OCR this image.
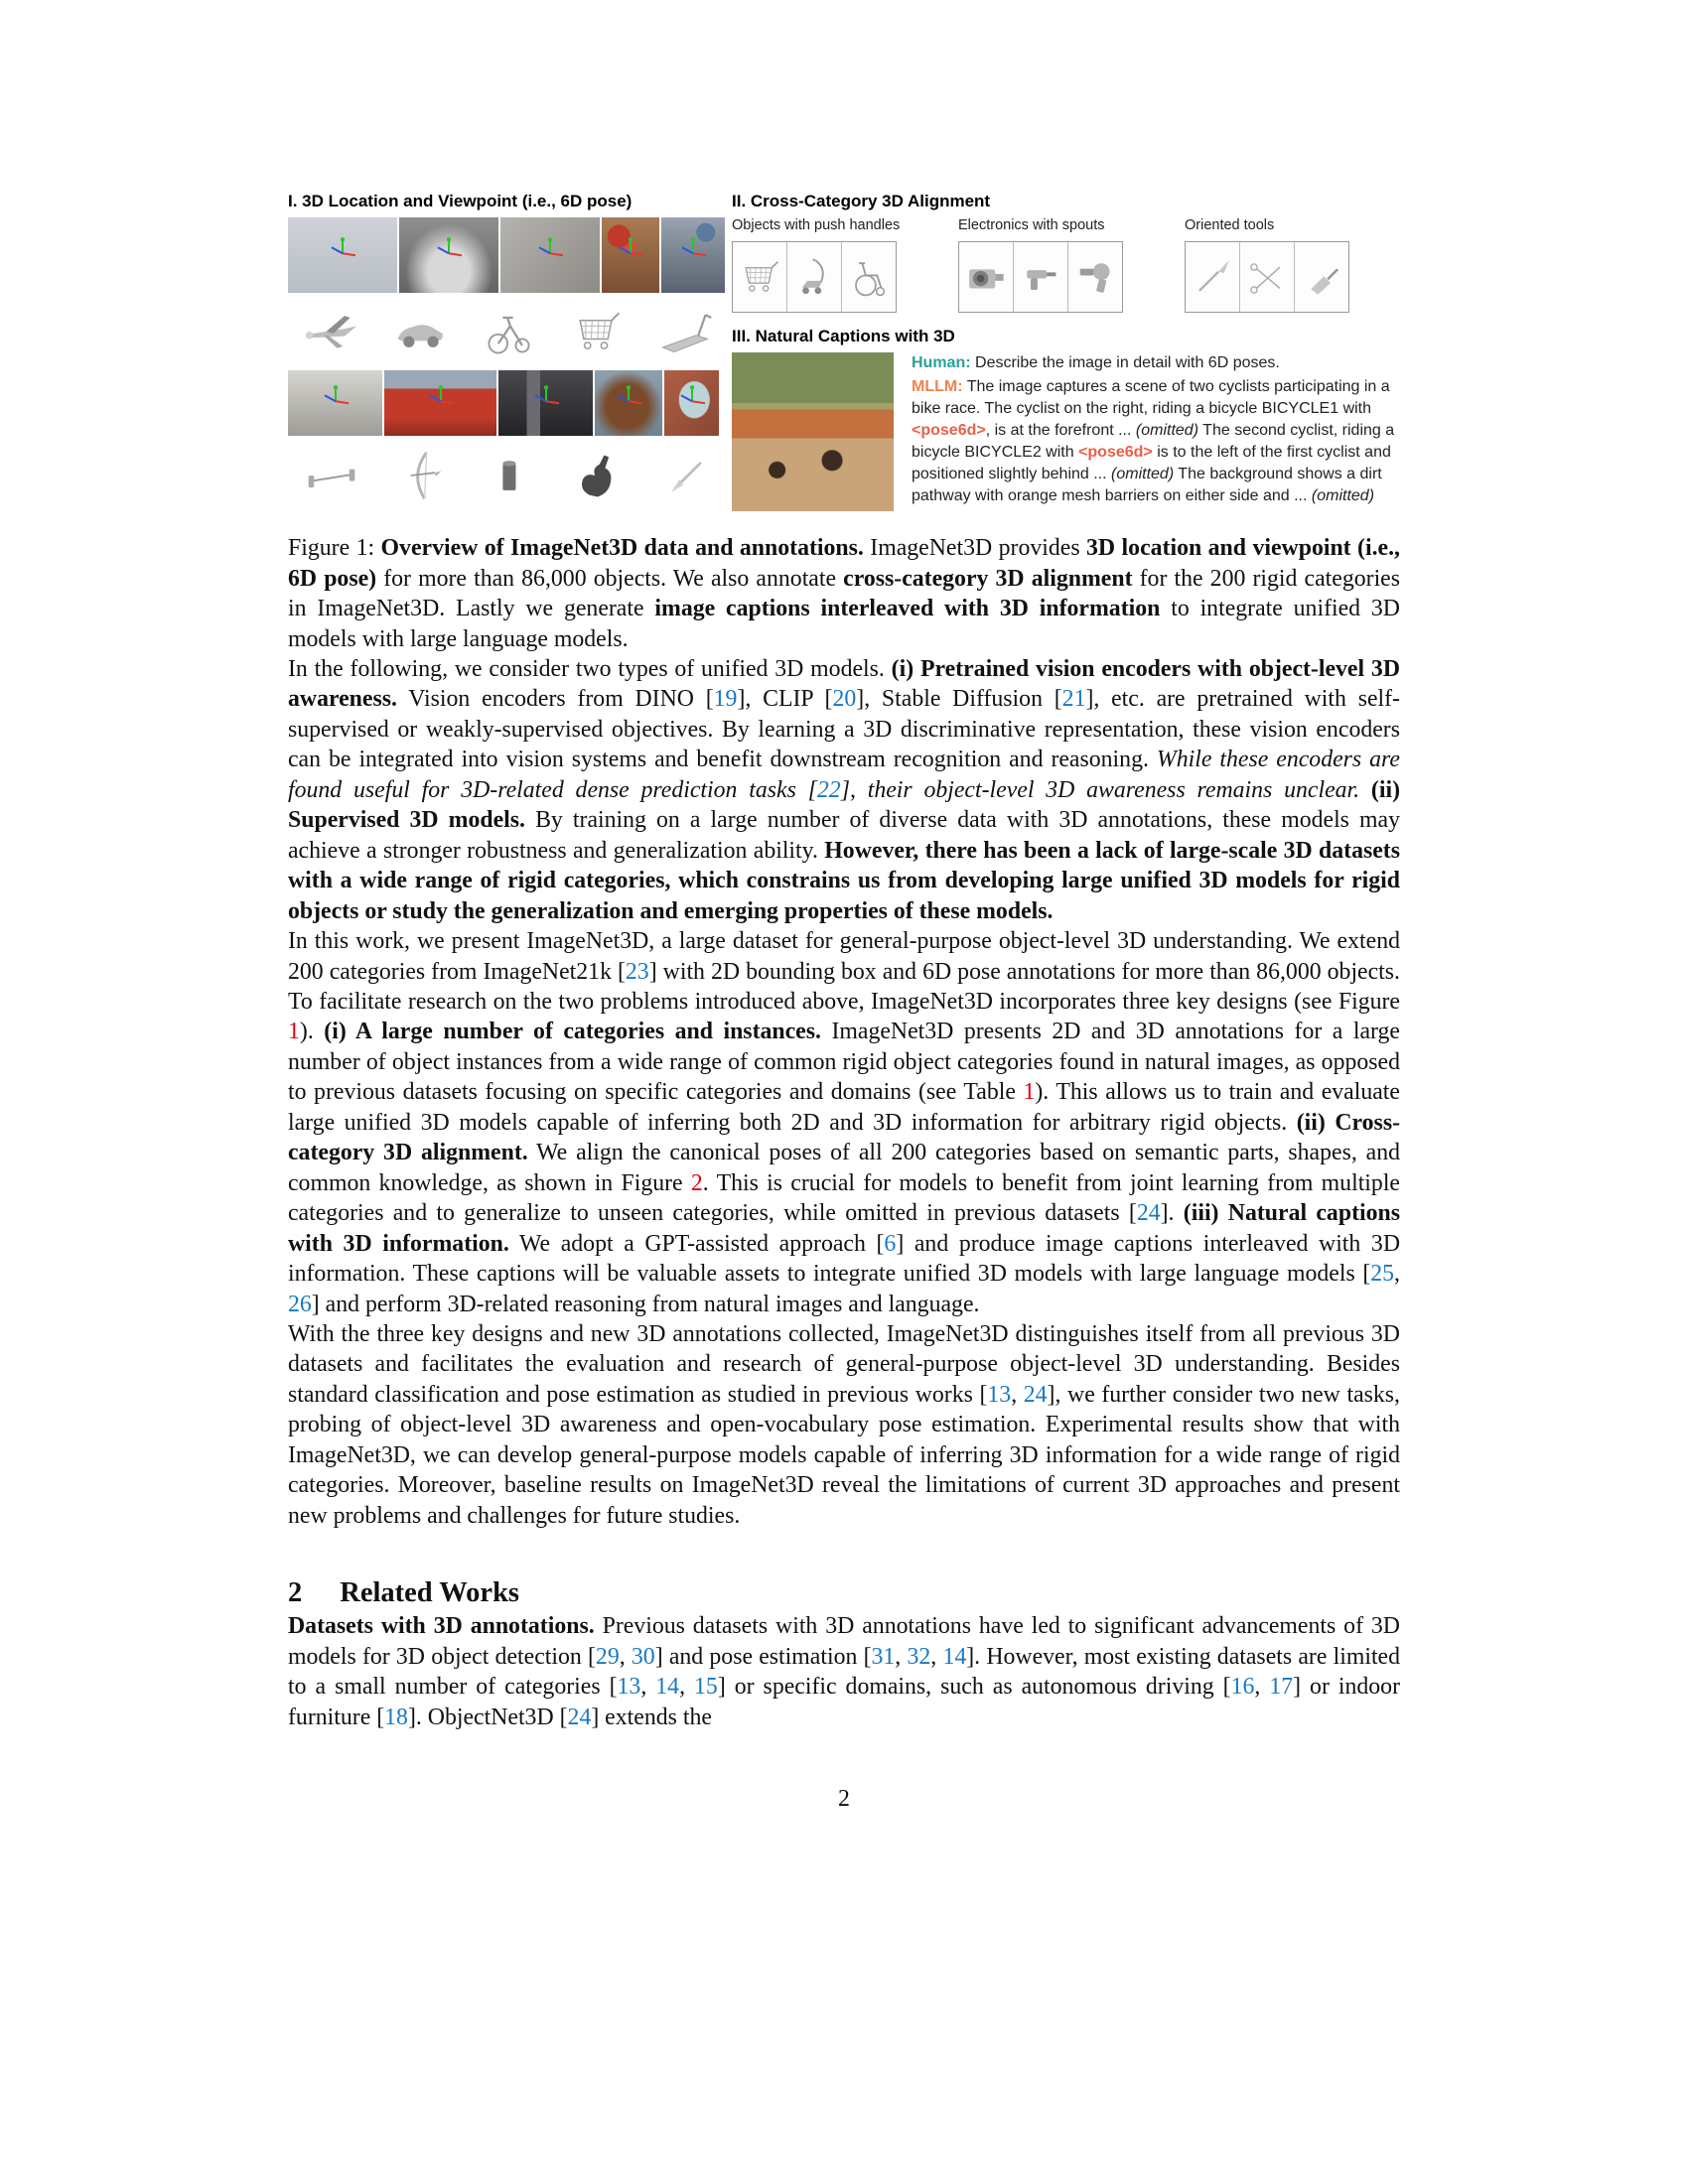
I. 3D Location and Viewpoint (i.e., 6D pose)	II. Cross-Category 3D Alignment
Objects with push handles	Electronics with spouts	Oriented tools
III. Natural Captions with 3D

Human: Describe the image in detail with 6D poses.

MLLM: The image captures a scene of two cyclists participating in a bike race. The cyclist on the right, riding a bicycle BICYCLE1 with <pose6d>, is at the forefront ... (omitted) The second cyclist, riding a bicycle BICYCLE2 with <pose6d> is to the left of the first cyclist and positioned slightly behind ... (omitted) The background shows a dirt pathway with orange mesh barriers on either side and ... (omitted)

Figure 1: Overview of ImageNet3D data and annotations. ImageNet3D provides 3D location and viewpoint (i.e., 6D pose) for more than 86,000 objects. We also annotate cross-category 3D alignment for the 200 rigid categories in ImageNet3D. Lastly we generate image captions interleaved with 3D information to integrate unified 3D models with large language models.

In the following, we consider two types of unified 3D models. (i) Pretrained vision encoders with object-level 3D awareness. Vision encoders from DINO [19], CLIP [20], Stable Diffusion [21], etc. are pretrained with self-supervised or weakly-supervised objectives. By learning a 3D discriminative representation, these vision encoders can be integrated into vision systems and benefit downstream recognition and reasoning. While these encoders are found useful for 3D-related dense prediction tasks [22], their object-level 3D awareness remains unclear. (ii) Supervised 3D models. By training on a large number of diverse data with 3D annotations, these models may achieve a stronger robustness and generalization ability. However, there has been a lack of large-scale 3D datasets with a wide range of rigid categories, which constrains us from developing large unified 3D models for rigid objects or study the generalization and emerging properties of these models.

In this work, we present ImageNet3D, a large dataset for general-purpose object-level 3D understanding. We extend 200 categories from ImageNet21k [23] with 2D bounding box and 6D pose annotations for more than 86,000 objects. To facilitate research on the two problems introduced above, ImageNet3D incorporates three key designs (see Figure 1). (i) A large number of categories and instances. ImageNet3D presents 2D and 3D annotations for a large number of object instances from a wide range of common rigid object categories found in natural images, as opposed to previous datasets focusing on specific categories and domains (see Table 1). This allows us to train and evaluate large unified 3D models capable of inferring both 2D and 3D information for arbitrary rigid objects. (ii) Cross-category 3D alignment. We align the canonical poses of all 200 categories based on semantic parts, shapes, and common knowledge, as shown in Figure 2. This is crucial for models to benefit from joint learning from multiple categories and to generalize to unseen categories, while omitted in previous datasets [24]. (iii) Natural captions with 3D information. We adopt a GPT-assisted approach [6] and produce image captions interleaved with 3D information. These captions will be valuable assets to integrate unified 3D models with large language models [25, 26] and perform 3D-related reasoning from natural images and language.

With the three key designs and new 3D annotations collected, ImageNet3D distinguishes itself from all previous 3D datasets and facilitates the evaluation and research of general-purpose object-level 3D understanding. Besides standard classification and pose estimation as studied in previous works [13, 24], we further consider two new tasks, probing of object-level 3D awareness and open-vocabulary pose estimation. Experimental results show that with ImageNet3D, we can develop general-purpose models capable of inferring 3D information for a wide range of rigid categories. Moreover, baseline results on ImageNet3D reveal the limitations of current 3D approaches and present new problems and challenges for future studies.

2 Related Works

Datasets with 3D annotations. Previous datasets with 3D annotations have led to significant advancements of 3D models for 3D object detection [29, 30] and pose estimation [31, 32, 14]. However, most existing datasets are limited to a small number of categories [13, 14, 15] or specific domains, such as autonomous driving [16, 17] or indoor furniture [18]. ObjectNet3D [24] extends the

2
